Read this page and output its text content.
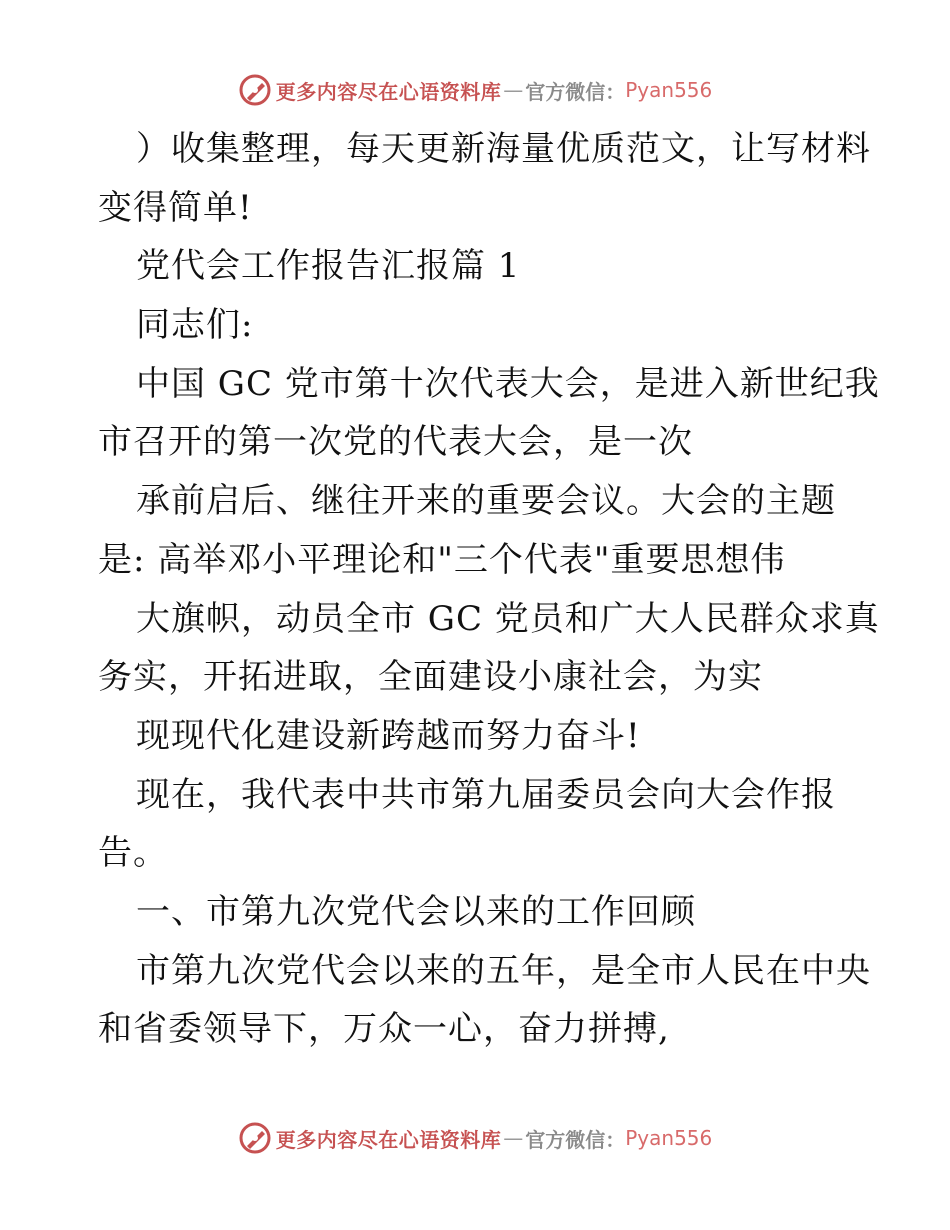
更多内容尽在心语资料库 — 官方微信： Pyan556
）收集整理，每天更新海量优质范文，让写材料
变得简单!
党代会工作报告汇报篇 1
同志们:
中国 GC 党市第十次代表大会，是进入新世纪我
市召开的第一次党的代表大会，是一次
承前启后、继往开来的重要会议。大会的主题
是: 高举邓小平理论和"三个代表"重要思想伟
大旗帜，动员全市 GC 党员和广大人民群众求真
务实，开拓进取，全面建设小康社会，为实
现现代化建设新跨越而努力奋斗!
现在，我代表中共市第九届委员会向大会作报
告。
一、市第九次党代会以来的工作回顾
市第九次党代会以来的五年，是全市人民在中央
和省委领导下，万众一心，奋力拼搏,
更多内容尽在心语资料库 — 官方微信： Pyan556
